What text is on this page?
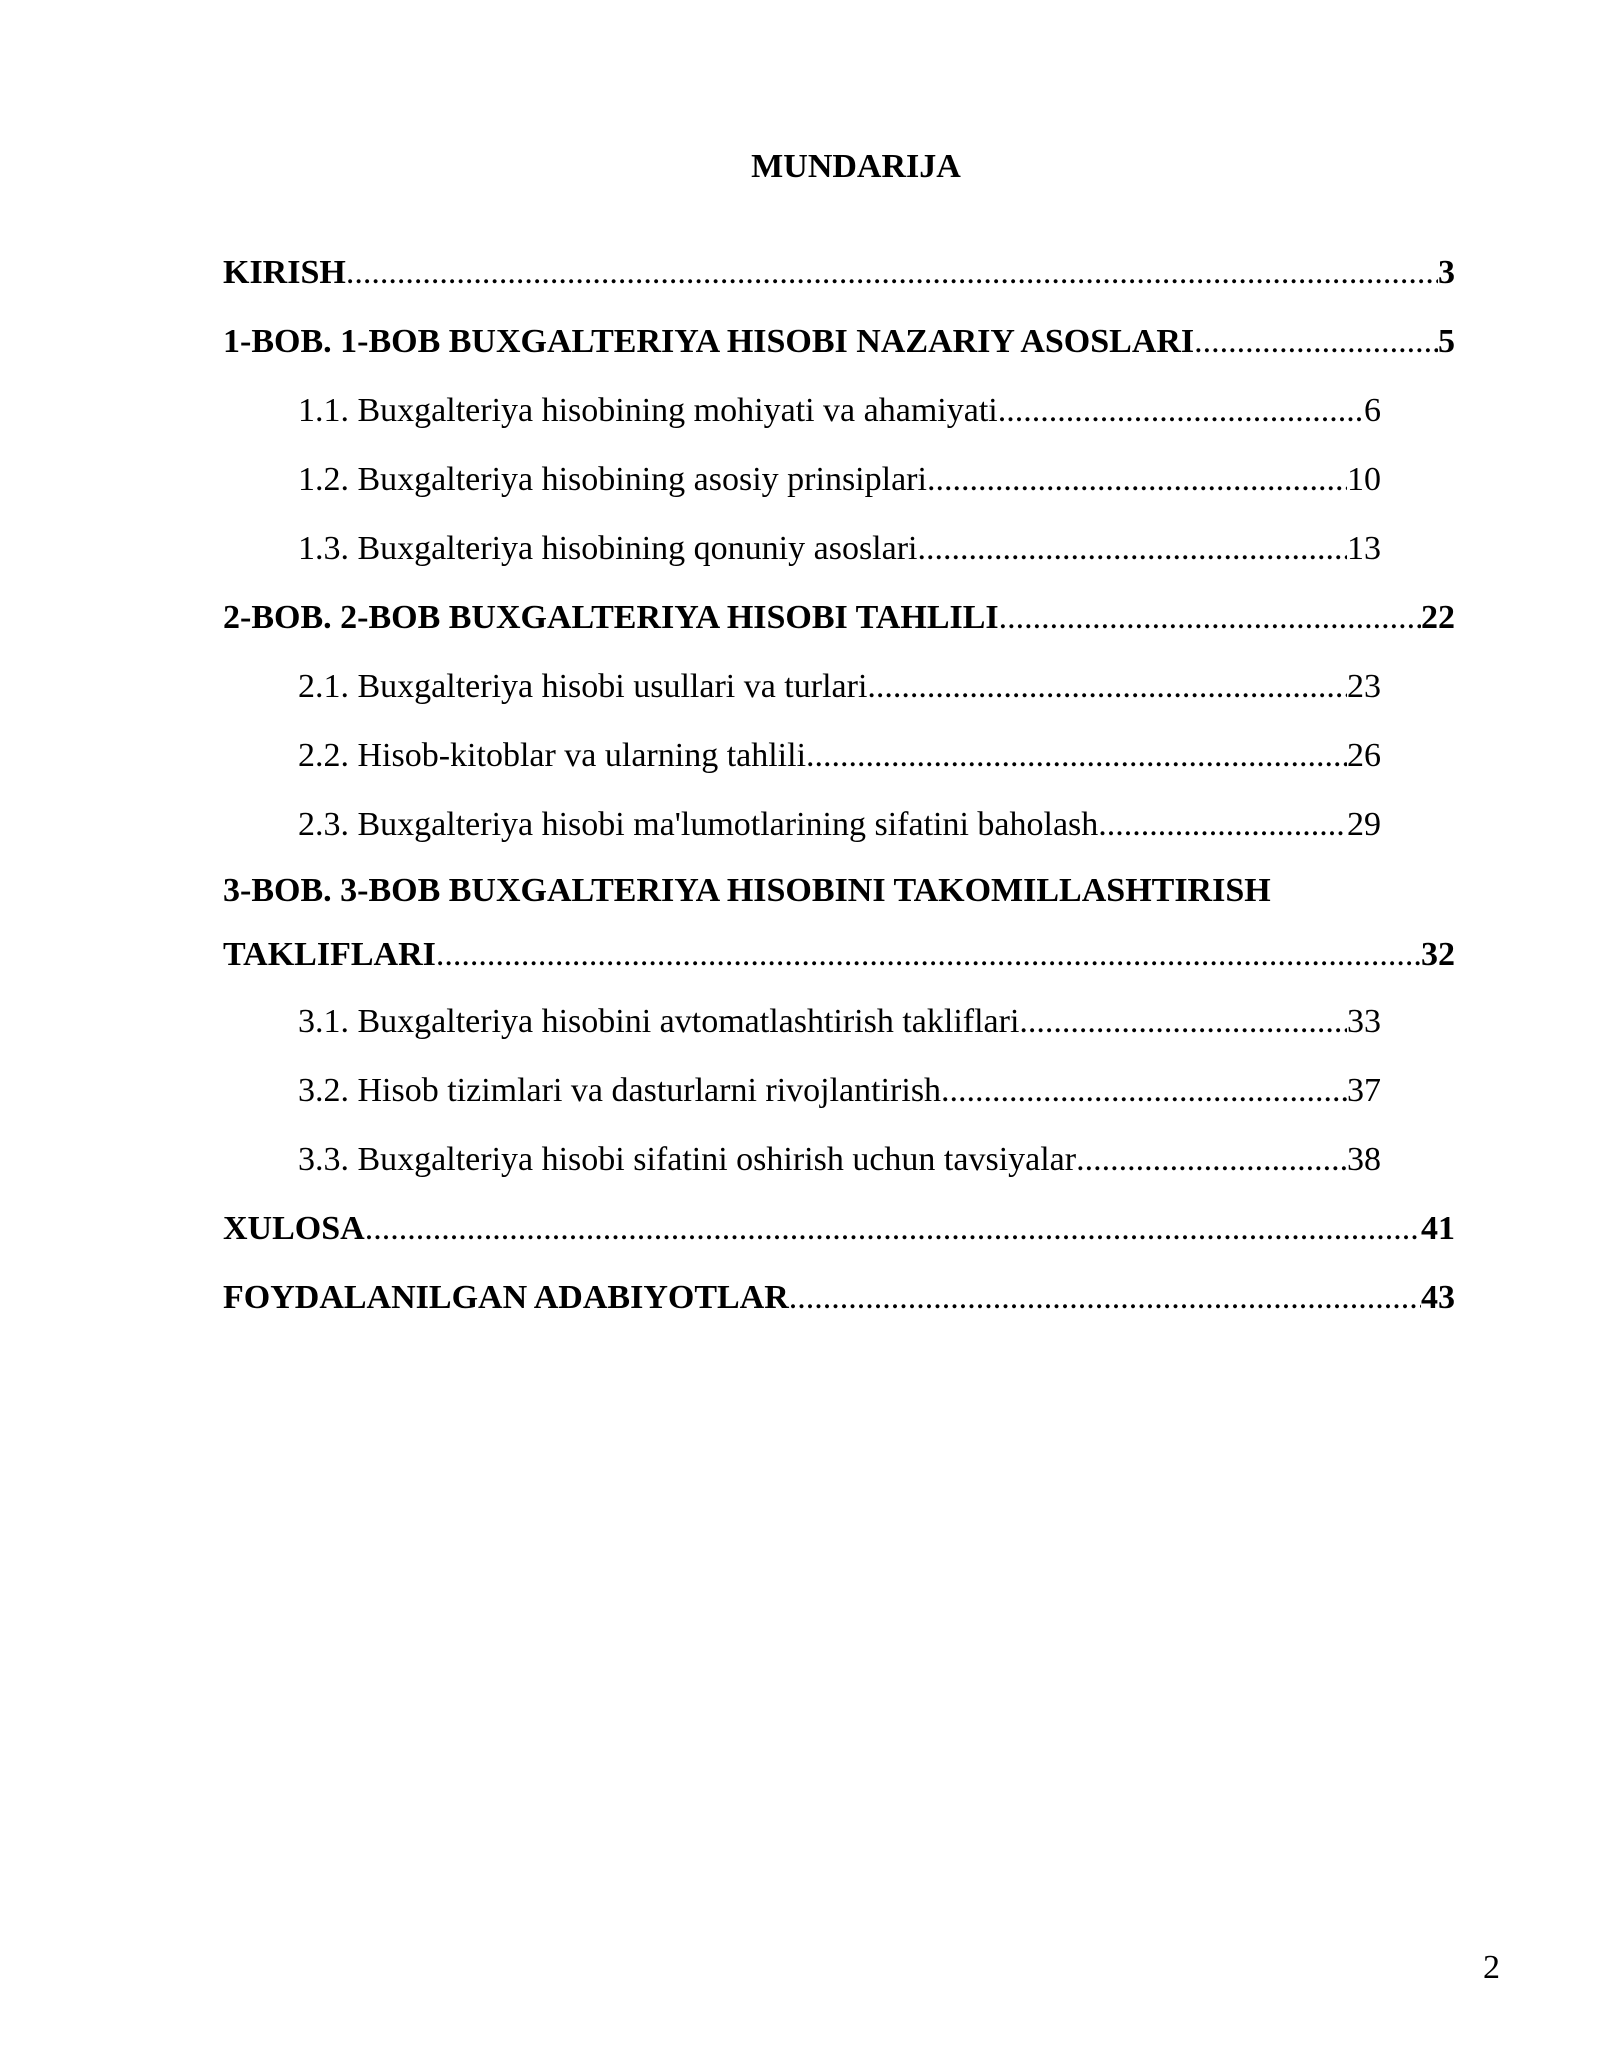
MUNDARIJA
KIRISH .....	3
1-BOB. 1-BOB BUXGALTERIYA HISOBI NAZARIY ASOSLARI .....	5
1.1. Buxgalteriya hisobining mohiyati va ahamiyati .....	6
1.2. Buxgalteriya hisobining asosiy prinsiplari .....	10
1.3. Buxgalteriya hisobining qonuniy asoslari .....	13
2-BOB. 2-BOB BUXGALTERIYA HISOBI TAHLILI .....	22
2.1. Buxgalteriya hisobi usullari va turlari .....	23
2.2. Hisob-kitoblar va ularning tahlili .....	26
2.3. Buxgalteriya hisobi ma'lumotlarining sifatini baholash .....	29
3-BOB. 3-BOB BUXGALTERIYA HISOBINI TAKOMILLASHTIRISH
TAKLIFLARI .....	32
3.1. Buxgalteriya hisobini avtomatlashtirish takliflari .....	33
3.2. Hisob tizimlari va dasturlarni rivojlantirish .....	37
3.3. Buxgalteriya hisobi sifatini oshirish uchun tavsiyalar .....	38
XULOSA .....	41
FOYDALANILGAN ADABIYOTLAR .....	43
2
